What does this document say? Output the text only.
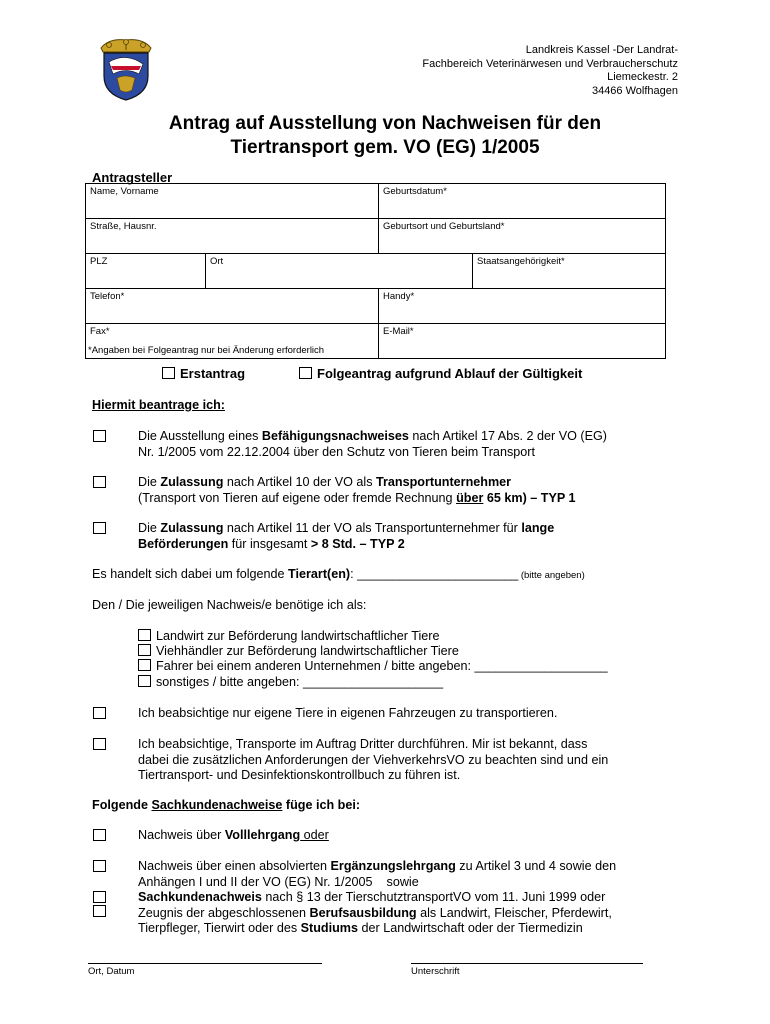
Landkreis Kassel -Der Landrat-
Fachbereich Veterinärwesen und Verbraucherschutz
Liemeckestr. 2
34466 Wolfhagen
Antrag auf Ausstellung von Nachweisen für den
Tiertransport gem. VO (EG) 1/2005
Antragsteller
Name, Vorname		Geburtsdatum*	
Straße, Hausnr.		Geburtsort und Geburtsland*	
PLZ	Ort		Staatsangehörigkeit*
Telefon*		Handy*	
Fax*		E-Mail*	
*Angaben bei Folgeantrag nur bei Änderung erforderlich
Erstantrag	Folgeantrag aufgrund Ablauf der Gültigkeit
Hiermit beantrage ich:
Die Ausstellung eines Befähigungsnachweises nach Artikel 17 Abs. 2 der VO (EG)
Nr. 1/2005 vom 22.12.2004 über den Schutz von Tieren beim Transport
Die Zulassung nach Artikel 10 der VO als Transportunternehmer
(Transport von Tieren auf eigene oder fremde Rechnung über 65 km) – TYP 1
Die Zulassung nach Artikel 11 der VO als Transportunternehmer für lange
Beförderungen für insgesamt > 8 Std. – TYP 2
Es handelt sich dabei um folgende Tierart(en): _______________________ (bitte angeben)
Den / Die jeweiligen Nachweis/e benötige ich als:
Landwirt zur Beförderung landwirtschaftlicher Tiere
Viehhändler zur Beförderung landwirtschaftlicher Tiere
Fahrer bei einem anderen Unternehmen / bitte angeben: ___________________
sonstiges / bitte angeben: ____________________
Ich beabsichtige nur eigene Tiere in eigenen Fahrzeugen zu transportieren.
Ich beabsichtige, Transporte im Auftrag Dritter durchführen. Mir ist bekannt, dass
dabei die zusätzlichen Anforderungen der ViehverkehrsVO zu beachten sind und ein
Tiertransport- und Desinfektionskontrollbuch zu führen ist.
Folgende Sachkundenachweise füge ich bei:
Nachweis über Volllehrgang oder
Nachweis über einen absolvierten Ergänzungslehrgang zu Artikel 3 und 4 sowie den
Anhängen I und II der VO (EG) Nr. 1/2005    sowie
Sachkundenachweis nach § 13 der TierschutztransportVO vom 11. Juni 1999 oder
Zeugnis der abgeschlossenen Berufsausbildung als Landwirt, Fleischer, Pferdewirt,
Tierpfleger, Tierwirt oder des Studiums der Landwirtschaft oder der Tiermedizin
Ort, Datum	Unterschrift
